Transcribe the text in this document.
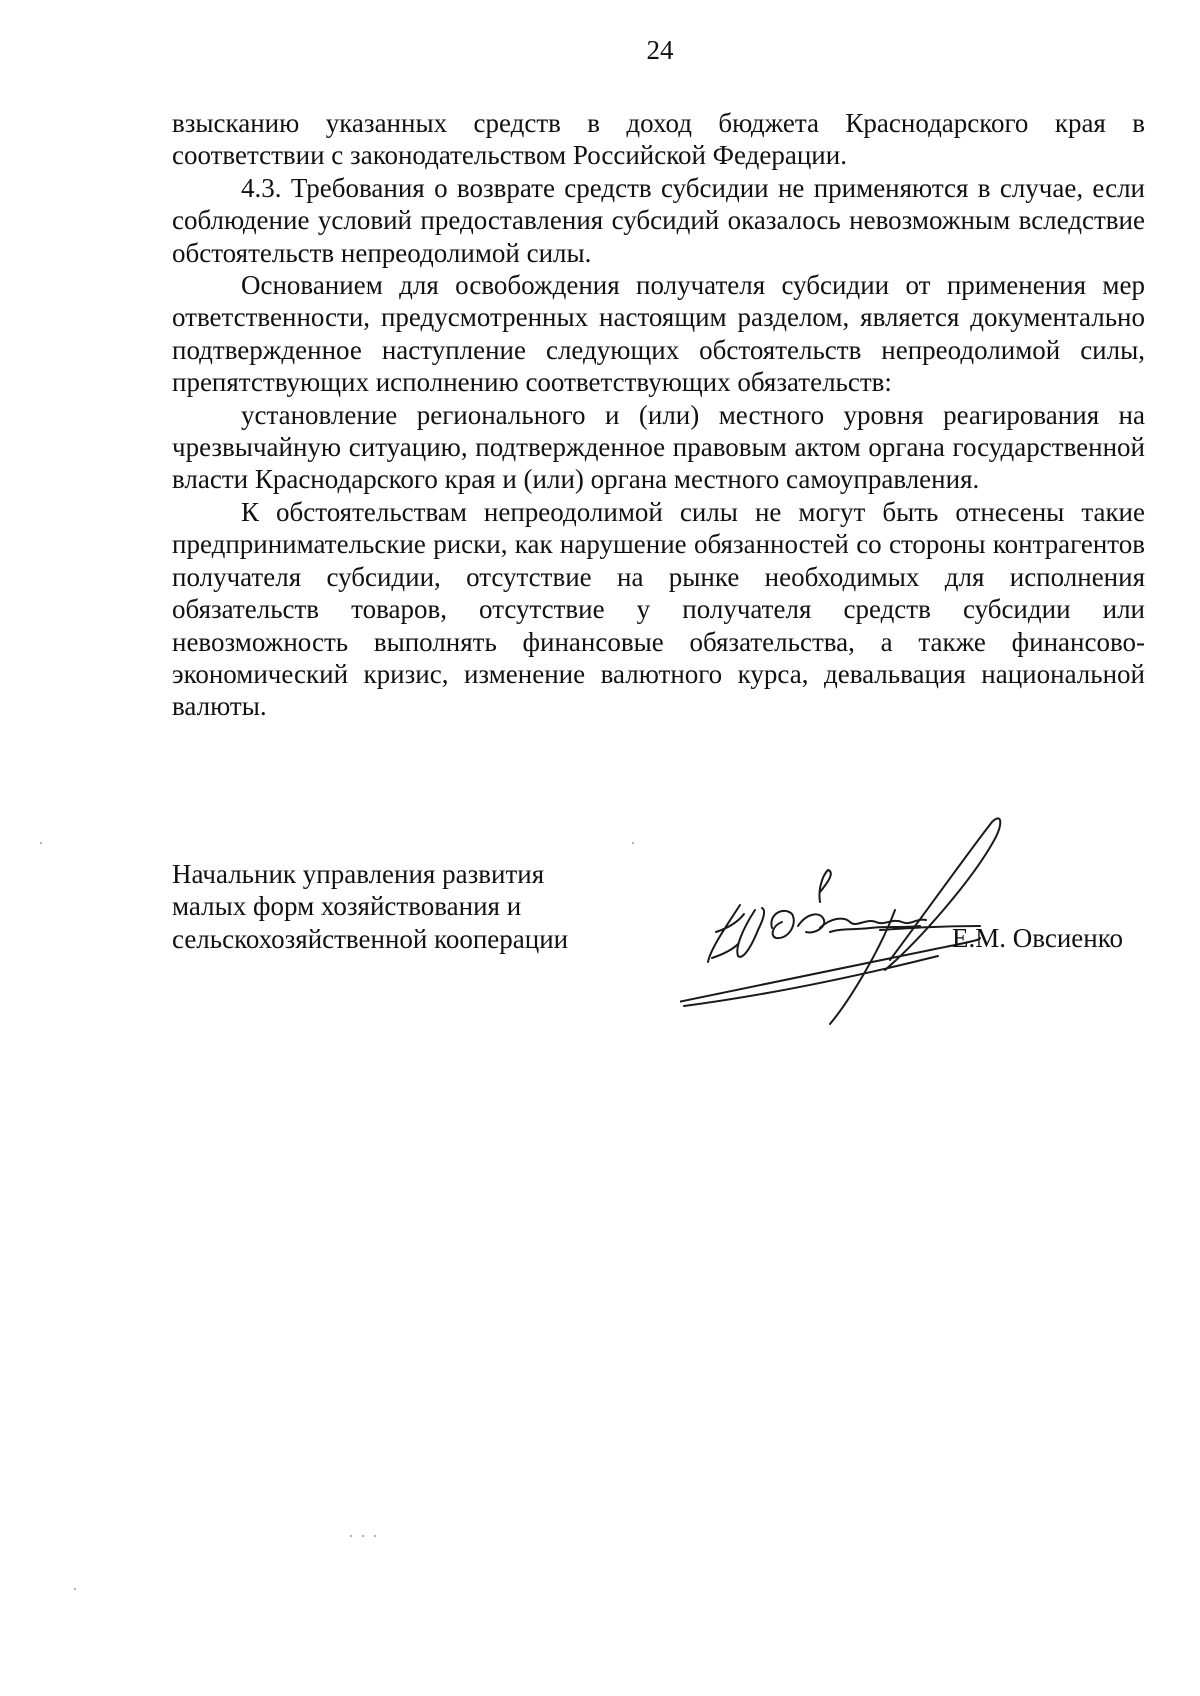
24

взысканию указанных средств в доход бюджета Краснодарского края в соответствии с законодательством Российской Федерации.

4.3. Требования о возврате средств субсидии не применяются в случае, если соблюдение условий предоставления субсидий оказалось невозможным вследствие обстоятельств непреодолимой силы.

Основанием для освобождения получателя субсидии от применения мер ответственности, предусмотренных настоящим разделом, является документально подтвержденное наступление следующих обстоятельств непреодолимой силы, препятствующих исполнению соответствующих обязательств:

установление регионального и (или) местного уровня реагирования на чрезвычайную ситуацию, подтвержденное правовым актом органа государственной власти Краснодарского края и (или) органа местного самоуправления.

К обстоятельствам непреодолимой силы не могут быть отнесены такие предпринимательские риски, как нарушение обязанностей со стороны контрагентов получателя субсидии, отсутствие на рынке необходимых для исполнения обязательств товаров, отсутствие у получателя средств субсидии или невозможность выполнять финансовые обязательства, а также финансово-экономический кризис, изменение валютного курса, девальвация национальной валюты.

Начальник управления развития
малых форм хозяйствования и
сельскохозяйственной кооперации	Е.М. Овсиенко
